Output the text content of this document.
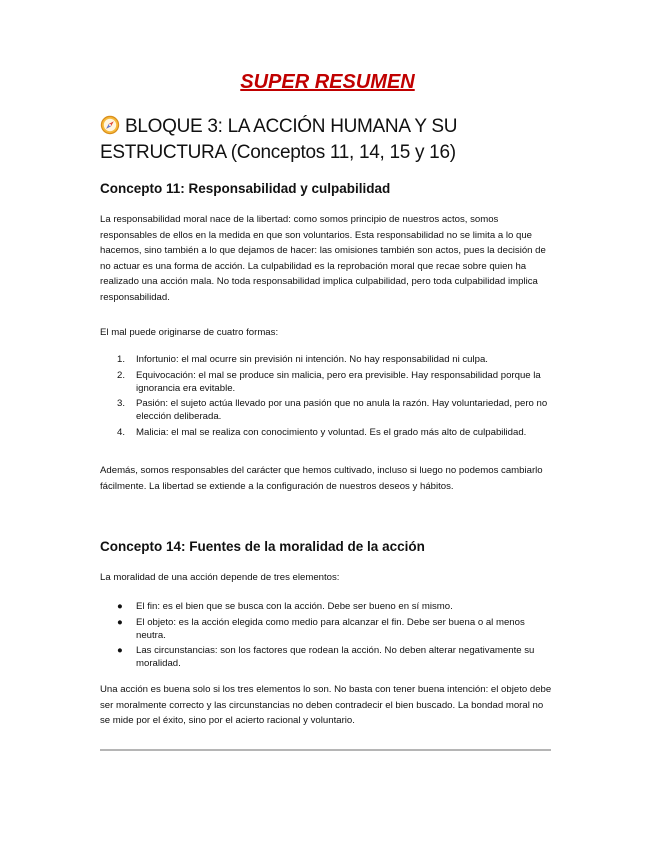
SUPER RESUMEN
BLOQUE 3: LA ACCIÓN HUMANA Y SU ESTRUCTURA (Conceptos 11, 14, 15 y 16)
Concepto 11: Responsabilidad y culpabilidad
La responsabilidad moral nace de la libertad: como somos principio de nuestros actos, somos responsables de ellos en la medida en que son voluntarios. Esta responsabilidad no se limita a lo que hacemos, sino también a lo que dejamos de hacer: las omisiones también son actos, pues la decisión de no actuar es una forma de acción. La culpabilidad es la reprobación moral que recae sobre quien ha realizado una acción mala. No toda responsabilidad implica culpabilidad, pero toda culpabilidad implica responsabilidad.
El mal puede originarse de cuatro formas:
1. Infortunio: el mal ocurre sin previsión ni intención. No hay responsabilidad ni culpa.
2. Equivocación: el mal se produce sin malicia, pero era previsible. Hay responsabilidad porque la ignorancia era evitable.
3. Pasión: el sujeto actúa llevado por una pasión que no anula la razón. Hay voluntariedad, pero no elección deliberada.
4. Malicia: el mal se realiza con conocimiento y voluntad. Es el grado más alto de culpabilidad.
Además, somos responsables del carácter que hemos cultivado, incluso si luego no podemos cambiarlo fácilmente. La libertad se extiende a la configuración de nuestros deseos y hábitos.
Concepto 14: Fuentes de la moralidad de la acción
La moralidad de una acción depende de tres elementos:
● El fin: es el bien que se busca con la acción. Debe ser bueno en sí mismo.
● El objeto: es la acción elegida como medio para alcanzar el fin. Debe ser buena o al menos neutra.
● Las circunstancias: son los factores que rodean la acción. No deben alterar negativamente su moralidad.
Una acción es buena solo si los tres elementos lo son. No basta con tener buena intención: el objeto debe ser moralmente correcto y las circunstancias no deben contradecir el bien buscado. La bondad moral no se mide por el éxito, sino por el acierto racional y voluntario.
